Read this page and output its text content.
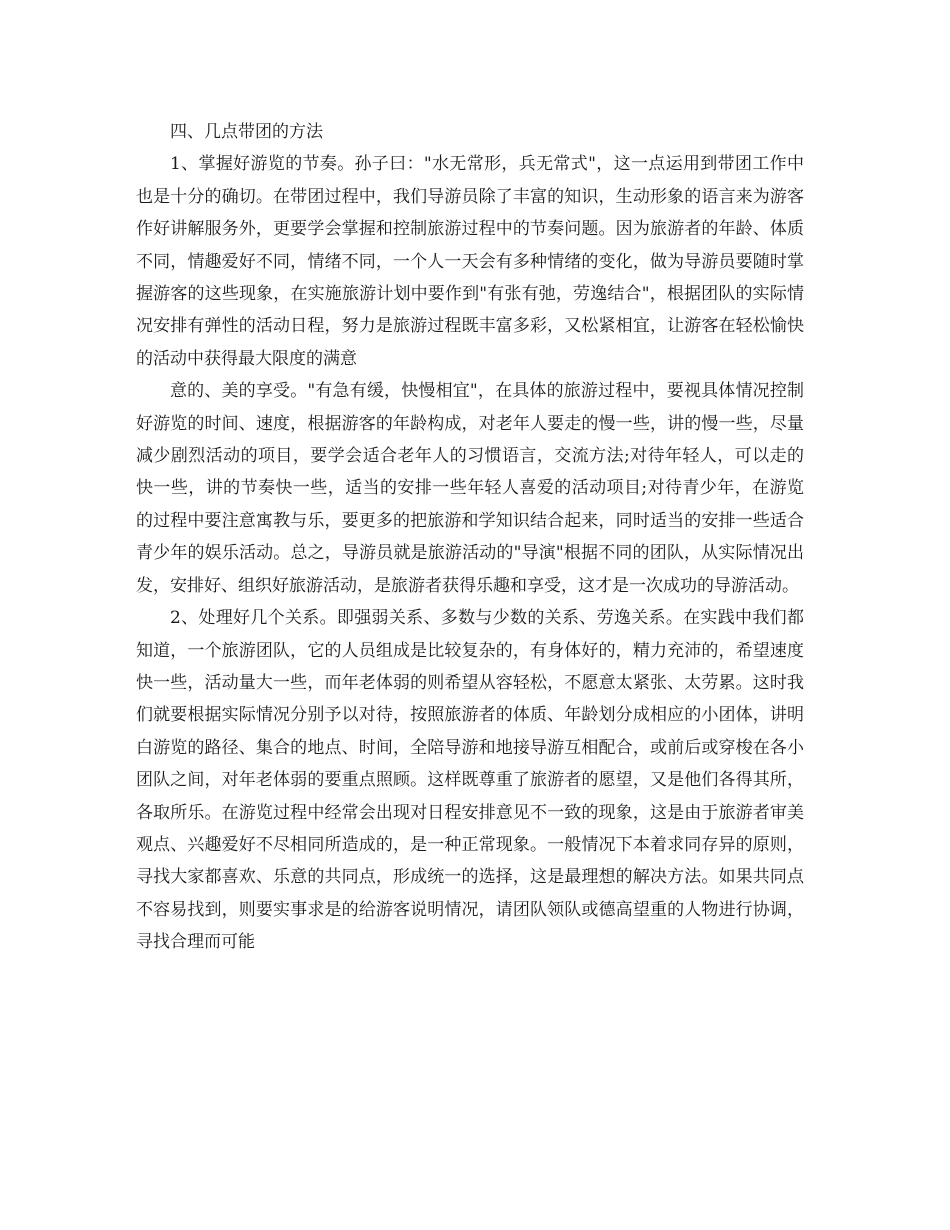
四、几点带团的方法

1、掌握好游览的节奏。孙子曰："水无常形，兵无常式"，这一点运用到带团工作中也是十分的确切。在带团过程中，我们导游员除了丰富的知识，生动形象的语言来为游客作好讲解服务外，更要学会掌握和控制旅游过程中的节奏问题。因为旅游者的年龄、体质不同，情趣爱好不同，情绪不同，一个人一天会有多种情绪的变化，做为导游员要随时掌握游客的这些现象，在实施旅游计划中要作到"有张有弛，劳逸结合"，根据团队的实际情况安排有弹性的活动日程，努力是旅游过程既丰富多彩，又松紧相宜，让游客在轻松愉快的活动中获得最大限度的满意

意的、美的享受。"有急有缓，快慢相宜"，在具体的旅游过程中，要视具体情况控制好游览的时间、速度，根据游客的年龄构成，对老年人要走的慢一些，讲的慢一些，尽量减少剧烈活动的项目，要学会适合老年人的习惯语言，交流方法;对待年轻人，可以走的快一些，讲的节奏快一些，适当的安排一些年轻人喜爱的活动项目;对待青少年，在游览的过程中要注意寓教与乐，要更多的把旅游和学知识结合起来，同时适当的安排一些适合青少年的娱乐活动。总之，导游员就是旅游活动的"导演"根据不同的团队，从实际情况出发，安排好、组织好旅游活动，是旅游者获得乐趣和享受，这才是一次成功的导游活动。

2、处理好几个关系。即强弱关系、多数与少数的关系、劳逸关系。在实践中我们都知道，一个旅游团队，它的人员组成是比较复杂的，有身体好的，精力充沛的，希望速度快一些，活动量大一些，而年老体弱的则希望从容轻松，不愿意太紧张、太劳累。这时我们就要根据实际情况分别予以对待，按照旅游者的体质、年龄划分成相应的小团体，讲明白游览的路径、集合的地点、时间，全陪导游和地接导游互相配合，或前后或穿梭在各小团队之间，对年老体弱的要重点照顾。这样既尊重了旅游者的愿望，又是他们各得其所，各取所乐。在游览过程中经常会出现对日程安排意见不一致的现象，这是由于旅游者审美观点、兴趣爱好不尽相同所造成的，是一种正常现象。一般情况下本着求同存异的原则，寻找大家都喜欢、乐意的共同点，形成统一的选择，这是最理想的解决方法。如果共同点不容易找到，则要实事求是的给游客说明情况，请团队领队或德高望重的人物进行协调，寻找合理而可能
